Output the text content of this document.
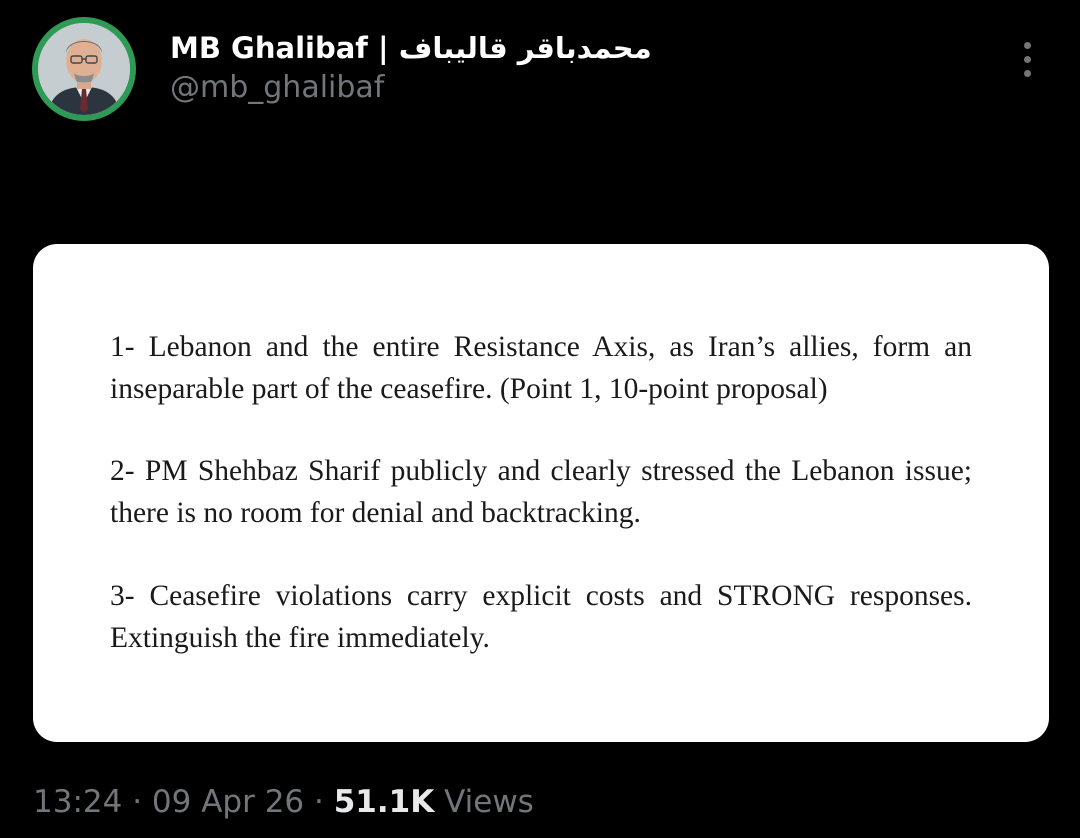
MB Ghalibaf | محمدباقر قالیباف
@mb_ghalibaf

1- Lebanon and the entire Resistance Axis, as Iran’s allies, form an inseparable part of the ceasefire. (Point 1, 10-point proposal)

2- PM Shehbaz Sharif publicly and clearly stressed the Lebanon issue; there is no room for denial and backtracking.

3- Ceasefire violations carry explicit costs and STRONG responses. Extinguish the fire immediately.

13:24 · 09 Apr 26 · 51.1K Views
